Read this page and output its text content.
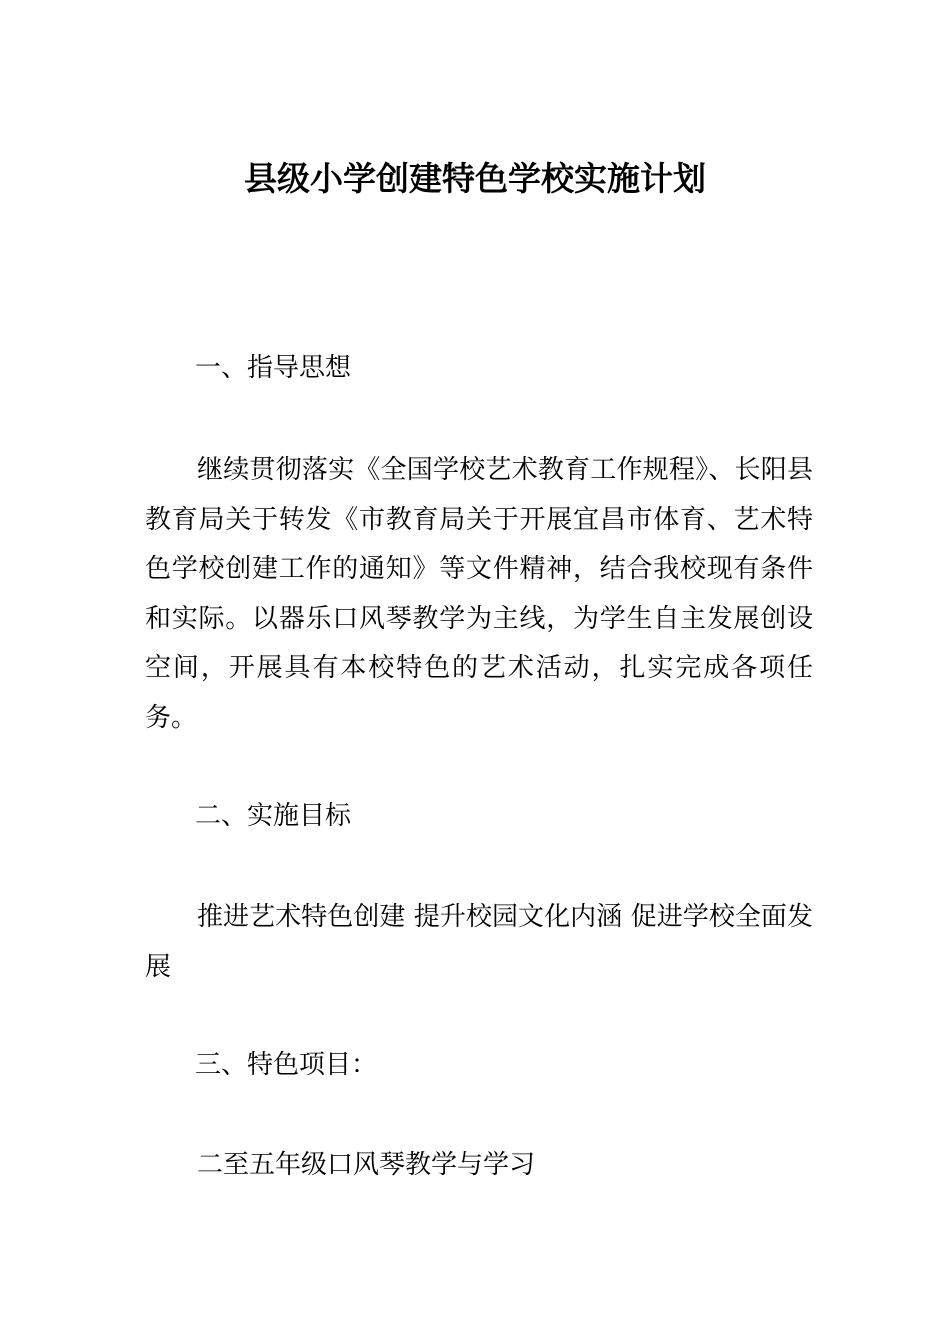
县级小学创建特色学校实施计划
一、指导思想

继续贯彻落实《全国学校艺术教育工作规程》、长阳县教育局关于转发《市教育局关于开展宜昌市体育、艺术特色学校创建工作的通知》等文件精神，结合我校现有条件和实际。以器乐口风琴教学为主线，为学生自主发展创设空间，开展具有本校特色的艺术活动，扎实完成各项任务。

二、实施目标

推进艺术特色创建 提升校园文化内涵 促进学校全面发展

三、特色项目：

二至五年级口风琴教学与学习
